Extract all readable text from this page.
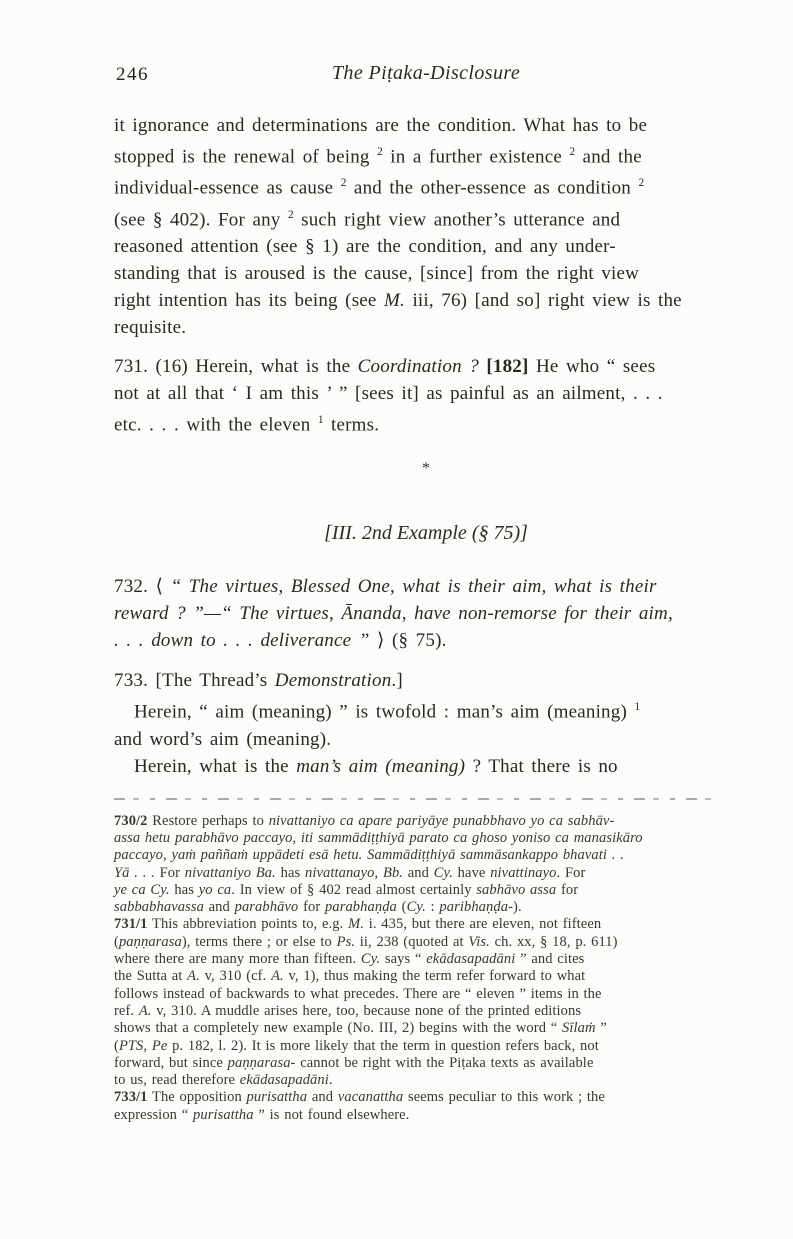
246	The Piṭaka-Disclosure
it ignorance and determinations are the condition. What has to be
stopped is the renewal of being $^2$ in a further existence $^2$ and the
individual-essence as cause $^2$ and the other-essence as condition $^2$
(see § 402). For any $^2$ such right view another’s utterance and
reasoned attention (see § 1) are the condition, and any under-
standing that is aroused is the cause, [since] from the right view
right intention has its being (see M. iii, 76) [and so] right view is the
requisite.
731. (16) Herein, what is the Coordination ? [182] He who “ sees
not at all that ‘ I am this ’ ” [sees it] as painful as an ailment, . . .
etc. . . . with the eleven $^1$ terms.
*
[III. 2nd Example (§ 75)]
732. ⟨ “ The virtues, Blessed One, what is their aim, what is their
reward ? ”—“ The virtues, Ānanda, have non-remorse for their aim,
. . . down to . . . deliverance ” ⟩ (§ 75).
733. [The Thread’s Demonstration.]
Herein, “ aim (meaning) ” is twofold : man’s aim (meaning) $^1$
and word’s aim (meaning).
Herein, what is the man’s aim (meaning) ? That there is no
730/2 Restore perhaps to nivattaniyo ca apare pariyāye punabbhavo yo ca sabhāv-
assa hetu parabhāvo paccayo, iti sammādiṭṭhiyā parato ca ghoso yoniso ca manasikāro
paccayo, yaṁ paññaṁ uppādeti esā hetu. Sammādiṭṭhiyā sammāsankappo bhavati . .
Yā . . . For nivattaniyo Ba. has nivattanayo, Bb. and Cy. have nivattinayo. For
ye ca Cy. has yo ca. In view of § 402 read almost certainly sabhāvo assa for
sabbabhavassa and parabhāvo for parabhaṇḍa (Cy. : paribhaṇḍa-).
731/1 This abbreviation points to, e.g. M. i. 435, but there are eleven, not fifteen
(paṇṇarasa), terms there ; or else to Ps. ii, 238 (quoted at Vis. ch. xx, § 18, p. 611)
where there are many more than fifteen. Cy. says “ ekādasapadāni ” and cites
the Sutta at A. v, 310 (cf. A. v, 1), thus making the term refer forward to what
follows instead of backwards to what precedes. There are “ eleven ” items in the
ref. A. v, 310. A muddle arises here, too, because none of the printed editions
shows that a completely new example (No. III, 2) begins with the word “ Sīlaṁ ”
(PTS, Pe p. 182, l. 2). It is more likely that the term in question refers back, not
forward, but since paṇṇarasa- cannot be right with the Piṭaka texts as available
to us, read therefore ekādasapadāni.
733/1 The opposition purisattha and vacanattha seems peculiar to this work ; the
expression “ purisattha ” is not found elsewhere.
